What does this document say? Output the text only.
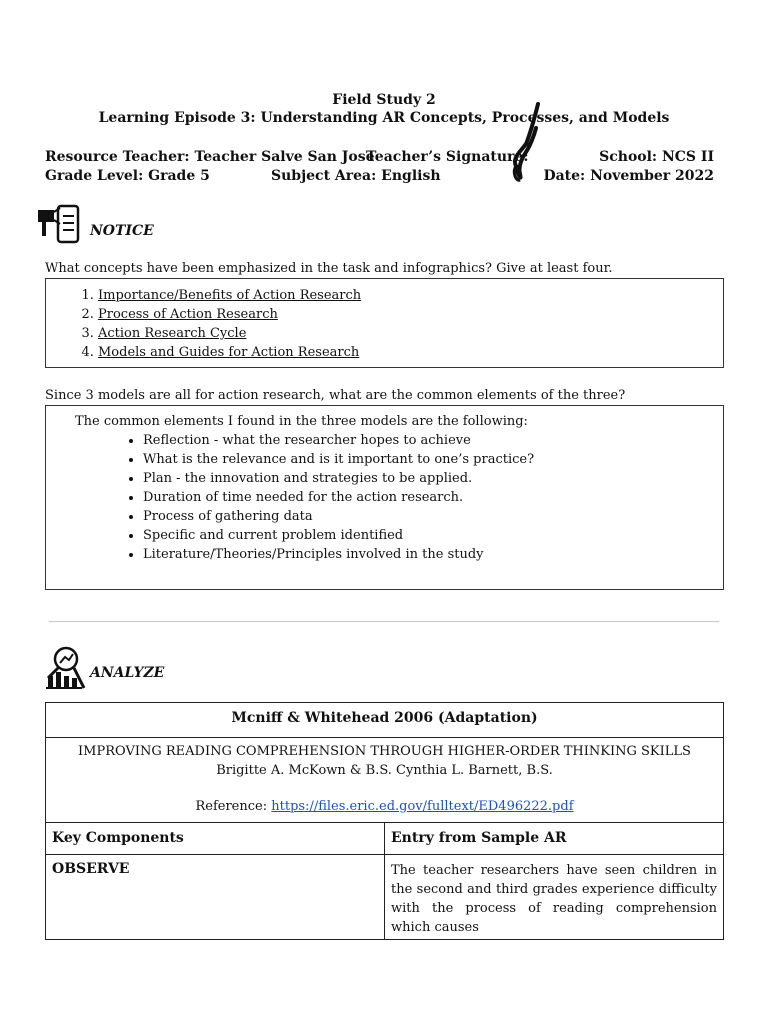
Field Study 2
Learning Episode 3: Understanding AR Concepts, Processes, and Models
Resource Teacher: Teacher Salve San Jose
Teacher’s Signature:	School: NCS II
Grade Level: Grade 5	Subject Area: English	Date: November 2022
NOTICE
What concepts have been emphasized in the task and infographics? Give at least four.
1. Importance/Benefits of Action Research
2. Process of Action Research
3. Action Research Cycle
4. Models and Guides for Action Research
Since 3 models are all for action research, what are the common elements of the three?
The common elements I found in the three models are the following:
• Reflection - what the researcher hopes to achieve
• What is the relevance and is it important to one’s practice?
• Plan - the innovation and strategies to be applied.
• Duration of time needed for the action research.
• Process of gathering data
• Specific and current problem identified
• Literature/Theories/Principles involved in the study
ANALYZE
Mcniff & Whitehead 2006 (Adaptation)	

IMPROVING READING COMPREHENSION THROUGH HIGHER-ORDER THINKING SKILLS
Brigitte A. McKown & B.S. Cynthia L. Barnett, B.S.
Reference: https://files.eric.ed.gov/fulltext/ED496222.pdf	

Key Components	Entry from Sample AR
OBSERVE	The teacher researchers have seen children in the second and third grades experience difficulty with the process of reading comprehension which causes
